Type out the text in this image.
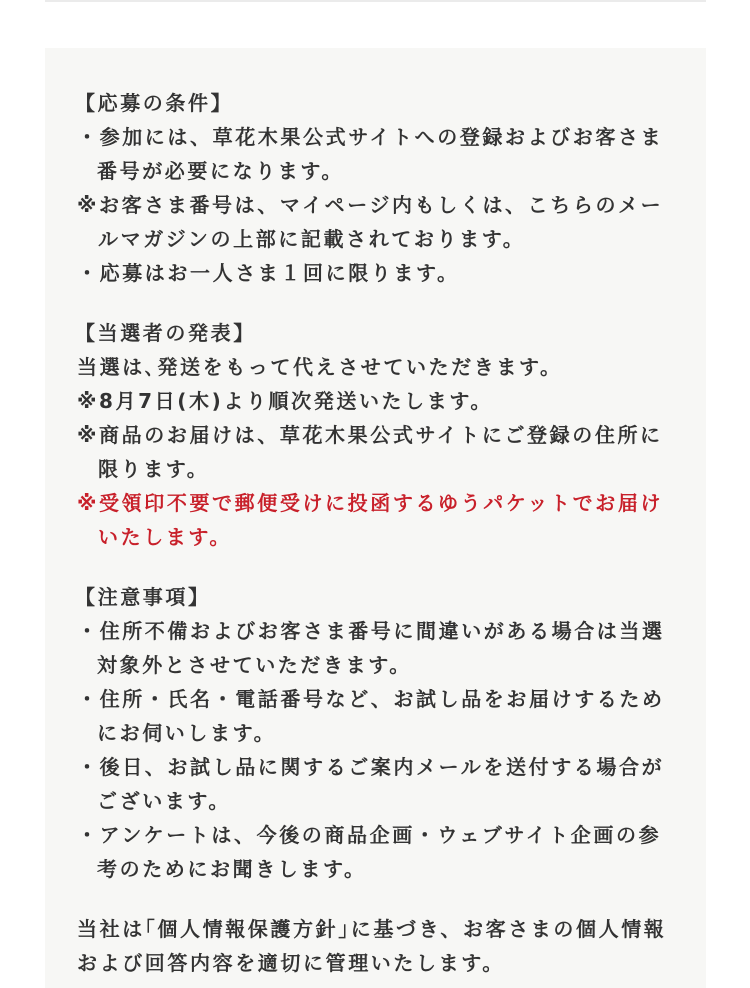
【応募の条件】

・参加には、草花木果公式サイトへの登録およびお客さま番号が必要になります。

※お客さま番号は、マイページ内もしくは、こちらのメールマガジンの上部に記載されております。

・応募はお一人さま１回に限ります。

【当選者の発表】

当選は､発送をもって代えさせていただきます。

※8月7日(木)より順次発送いたします。

※商品のお届けは、草花木果公式サイトにご登録の住所に限ります。

※受領印不要で郵便受けに投函するゆうパケットでお届けいたします。

【注意事項】

・住所不備およびお客さま番号に間違いがある場合は当選対象外とさせていただきます。

・住所・氏名・電話番号など、お試し品をお届けするためにお伺いします。

・後日、お試し品に関するご案内メールを送付する場合がございます。

・アンケートは、今後の商品企画・ウェブサイト企画の参考のためにお聞きします。

当社は｢個人情報保護方針｣に基づき、お客さまの個人情報および回答内容を適切に管理いたします。
